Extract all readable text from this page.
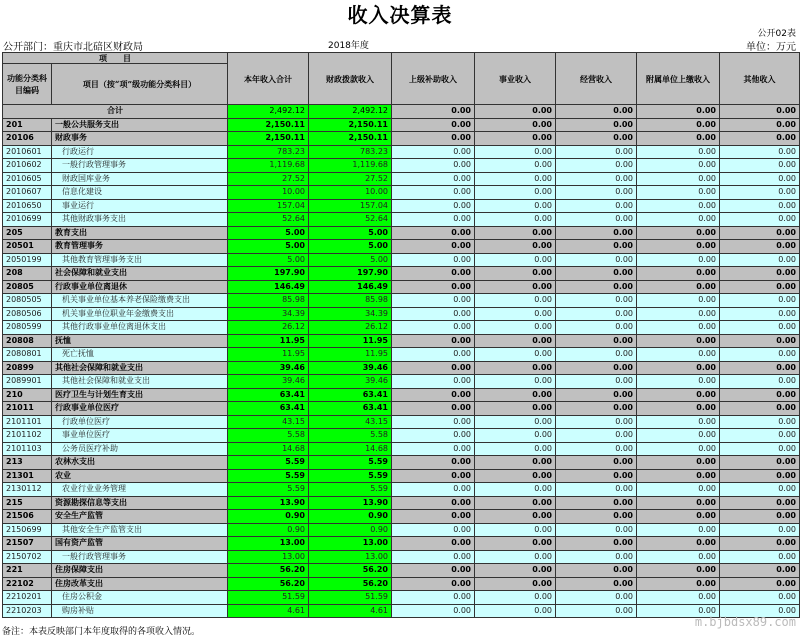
收入决算表
公开02表
公开部门：重庆市北碚区财政局	2018年度	单位：万元
项　　目		本年收入合计	财政拨款收入	上级补助收入	事业收入	经营收入	附属单位上缴收入	其他收入
功能分类科目编码	项目（按“项”级功能分类科目）							
合计		2,492.12	2,492.12	0.00	0.00	0.00	0.00	0.00
201	一般公共服务支出	2,150.11	2,150.11	0.00	0.00	0.00	0.00	0.00
20106	财政事务	2,150.11	2,150.11	0.00	0.00	0.00	0.00	0.00
2010601	行政运行	783.23	783.23	0.00	0.00	0.00	0.00	0.00
2010602	一般行政管理事务	1,119.68	1,119.68	0.00	0.00	0.00	0.00	0.00
2010605	财政国库业务	27.52	27.52	0.00	0.00	0.00	0.00	0.00
2010607	信息化建设	10.00	10.00	0.00	0.00	0.00	0.00	0.00
2010650	事业运行	157.04	157.04	0.00	0.00	0.00	0.00	0.00
2010699	其他财政事务支出	52.64	52.64	0.00	0.00	0.00	0.00	0.00
205	教育支出	5.00	5.00	0.00	0.00	0.00	0.00	0.00
20501	教育管理事务	5.00	5.00	0.00	0.00	0.00	0.00	0.00
2050199	其他教育管理事务支出	5.00	5.00	0.00	0.00	0.00	0.00	0.00
208	社会保障和就业支出	197.90	197.90	0.00	0.00	0.00	0.00	0.00
20805	行政事业单位离退休	146.49	146.49	0.00	0.00	0.00	0.00	0.00
2080505	机关事业单位基本养老保险缴费支出	85.98	85.98	0.00	0.00	0.00	0.00	0.00
2080506	机关事业单位职业年金缴费支出	34.39	34.39	0.00	0.00	0.00	0.00	0.00
2080599	其他行政事业单位离退休支出	26.12	26.12	0.00	0.00	0.00	0.00	0.00
20808	抚恤	11.95	11.95	0.00	0.00	0.00	0.00	0.00
2080801	死亡抚恤	11.95	11.95	0.00	0.00	0.00	0.00	0.00
20899	其他社会保障和就业支出	39.46	39.46	0.00	0.00	0.00	0.00	0.00
2089901	其他社会保障和就业支出	39.46	39.46	0.00	0.00	0.00	0.00	0.00
210	医疗卫生与计划生育支出	63.41	63.41	0.00	0.00	0.00	0.00	0.00
21011	行政事业单位医疗	63.41	63.41	0.00	0.00	0.00	0.00	0.00
2101101	行政单位医疗	43.15	43.15	0.00	0.00	0.00	0.00	0.00
2101102	事业单位医疗	5.58	5.58	0.00	0.00	0.00	0.00	0.00
2101103	公务员医疗补助	14.68	14.68	0.00	0.00	0.00	0.00	0.00
213	农林水支出	5.59	5.59	0.00	0.00	0.00	0.00	0.00
21301	农业	5.59	5.59	0.00	0.00	0.00	0.00	0.00
2130112	农业行业业务管理	5.59	5.59	0.00	0.00	0.00	0.00	0.00
215	资源勘探信息等支出	13.90	13.90	0.00	0.00	0.00	0.00	0.00
21506	安全生产监管	0.90	0.90	0.00	0.00	0.00	0.00	0.00
2150699	其他安全生产监管支出	0.90	0.90	0.00	0.00	0.00	0.00	0.00
21507	国有资产监管	13.00	13.00	0.00	0.00	0.00	0.00	0.00
2150702	一般行政管理事务	13.00	13.00	0.00	0.00	0.00	0.00	0.00
221	住房保障支出	56.20	56.20	0.00	0.00	0.00	0.00	0.00
22102	住房改革支出	56.20	56.20	0.00	0.00	0.00	0.00	0.00
2210201	住房公积金	51.59	51.59	0.00	0.00	0.00	0.00	0.00
2210203	购房补贴	4.61	4.61	0.00	0.00	0.00	0.00	0.00
备注：本表反映部门本年度取得的各项收入情况。
m.bjbdsx89.com
